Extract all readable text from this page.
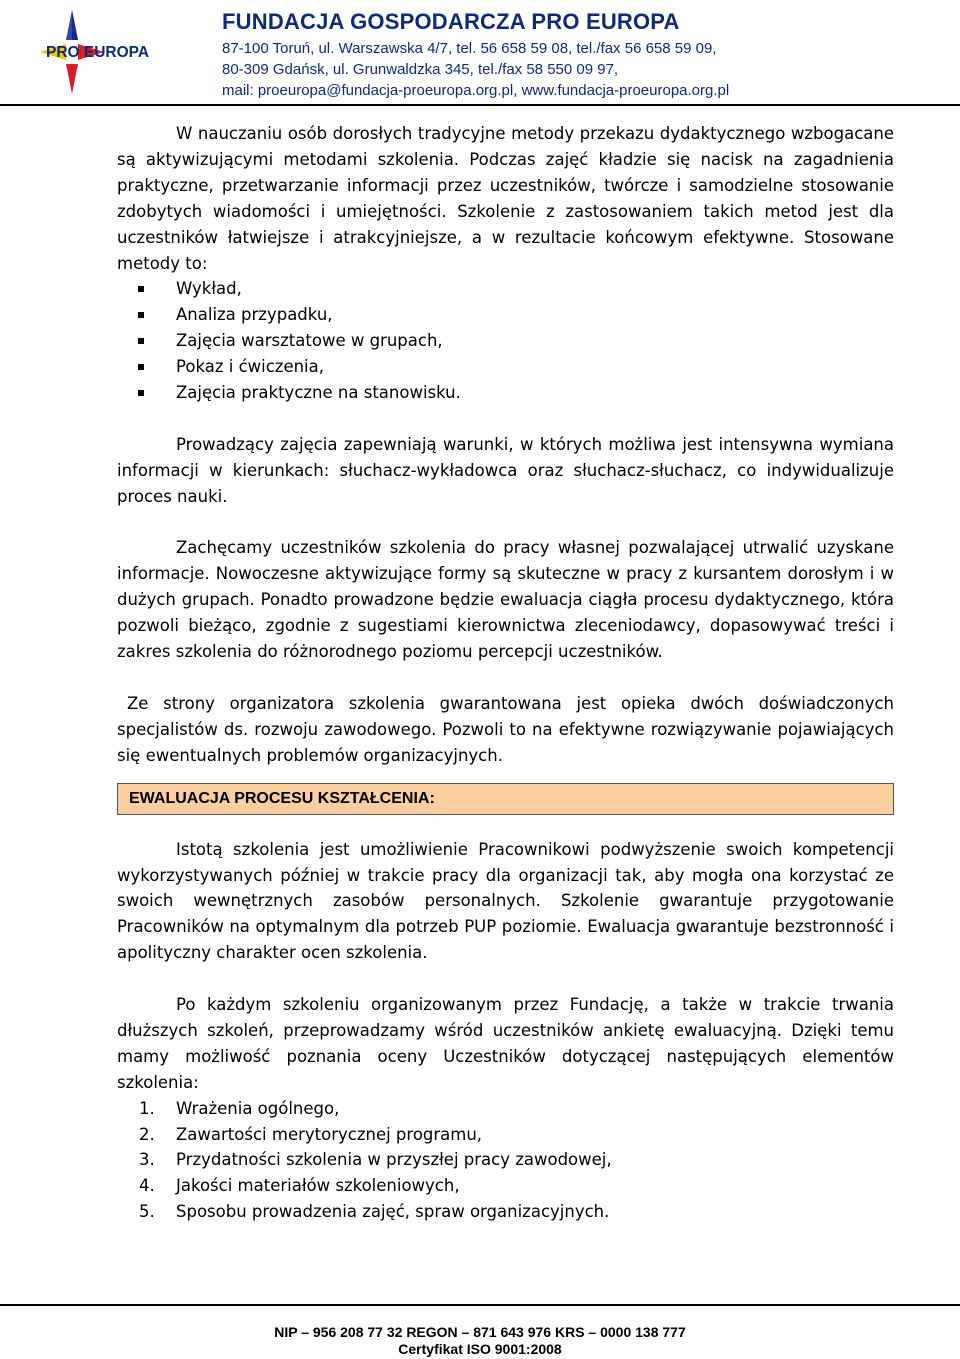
PRO EUROPA
FUNDACJA GOSPODARCZA PRO EUROPA
87-100 Toruń, ul. Warszawska 4/7, tel. 56 658 59 08, tel./fax 56 658 59 09,
80-309 Gdańsk, ul. Grunwaldzka 345, tel./fax 58 550 09 97,
mail: proeuropa@fundacja-proeuropa.org.pl, www.fundacja-proeuropa.org.pl

W nauczaniu osób dorosłych tradycyjne metody przekazu dydaktycznego wzbogacane są aktywizującymi metodami szkolenia. Podczas zajęć kładzie się nacisk na zagadnienia praktyczne, przetwarzanie informacji przez uczestników, twórcze i samodzielne stosowanie zdobytych wiadomości i umiejętności. Szkolenie z zastosowaniem takich metod jest dla uczestników łatwiejsze i atrakcyjniejsze, a w rezultacie końcowym efektywne. Stosowane metody to:

Wykład,
Analiza przypadku,
Zajęcia warsztatowe w grupach,
Pokaz i ćwiczenia,
Zajęcia praktyczne na stanowisku.

Prowadzący zajęcia zapewniają warunki, w których możliwa jest intensywna wymiana informacji w kierunkach: słuchacz-wykładowca oraz słuchacz-słuchacz, co indywidualizuje proces nauki.

Zachęcamy uczestników szkolenia do pracy własnej pozwalającej utrwalić uzyskane informacje. Nowoczesne aktywizujące formy są skuteczne w pracy z kursantem dorosłym i w dużych grupach. Ponadto prowadzone będzie ewaluacja ciągła procesu dydaktycznego, która pozwoli bieżąco, zgodnie z sugestiami kierownictwa zleceniodawcy, dopasowywać treści i zakres szkolenia do różnorodnego poziomu percepcji uczestników.

Ze strony organizatora szkolenia gwarantowana jest opieka dwóch doświadczonych specjalistów ds. rozwoju zawodowego. Pozwoli to na efektywne rozwiązywanie pojawiających się ewentualnych problemów organizacyjnych.

EWALUACJA PROCESU KSZTAŁCENIA:

Istotą szkolenia jest umożliwienie Pracownikowi podwyższenie swoich kompetencji wykorzystywanych później w trakcie pracy dla organizacji tak, aby mogła ona korzystać ze swoich wewnętrznych zasobów personalnych. Szkolenie gwarantuje przygotowanie Pracowników na optymalnym dla potrzeb PUP poziomie. Ewaluacja gwarantuje bezstronność i apolityczny charakter ocen szkolenia.

Po każdym szkoleniu organizowanym przez Fundację, a także w trakcie trwania dłuższych szkoleń, przeprowadzamy wśród uczestników ankietę ewaluacyjną. Dzięki temu mamy możliwość poznania oceny Uczestników dotyczącej następujących elementów szkolenia:

1. Wrażenia ogólnego,
2. Zawartości merytorycznej programu,
3. Przydatności szkolenia w przyszłej pracy zawodowej,
4. Jakości materiałów szkoleniowych,
5. Sposobu prowadzenia zajęć, spraw organizacyjnych.
NIP – 956 208 77 32 REGON – 871 643 976 KRS – 0000 138 777
Certyfikat ISO 9001:2008
